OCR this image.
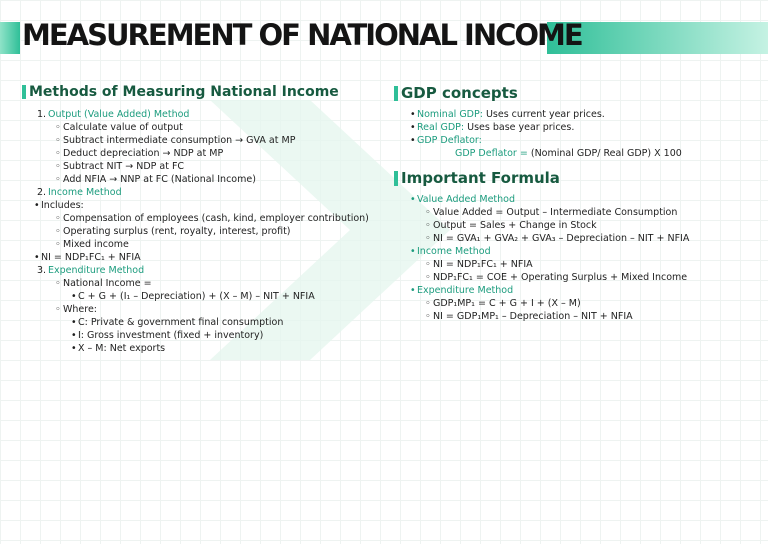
MEASUREMENT OF NATIONAL INCOME
Methods of Measuring National Income
1. Output (Value Added) Method
◦ Calculate value of output
◦ Subtract intermediate consumption → GVA at MP
◦ Deduct depreciation → NDP at MP
◦ Subtract NIT → NDP at FC
◦ Add NFIA → NNP at FC (National Income)
2. Income Method
• Includes:
◦ Compensation of employees (cash, kind, employer contribution)
◦ Operating surplus (rent, royalty, interest, profit)
◦ Mixed income
• NI = NDP₁FC₁ + NFIA
3. Expenditure Method
◦ National Income =
• C + G + (I₁ – Depreciation) + (X – M) – NIT + NFIA
◦ Where:
• C: Private & government final consumption
• I: Gross investment (fixed + inventory)
• X – M: Net exports
GDP concepts
• Nominal GDP: Uses current year prices.
• Real GDP: Uses base year prices.
• GDP Deflator:
GDP Deflator = (Nominal GDP/ Real GDP) X 100
Important Formula
• Value Added Method
◦ Value Added = Output – Intermediate Consumption
◦ Output = Sales + Change in Stock
◦ NI = GVA₁ + GVA₂ + GVA₃ – Depreciation – NIT + NFIA
• Income Method
◦ NI = NDP₁FC₁ + NFIA
◦ NDP₁FC₁ = COE + Operating Surplus + Mixed Income
• Expenditure Method
◦ GDP₁MP₁ = C + G + I + (X – M)
◦ NI = GDP₁MP₁ – Depreciation – NIT + NFIA
